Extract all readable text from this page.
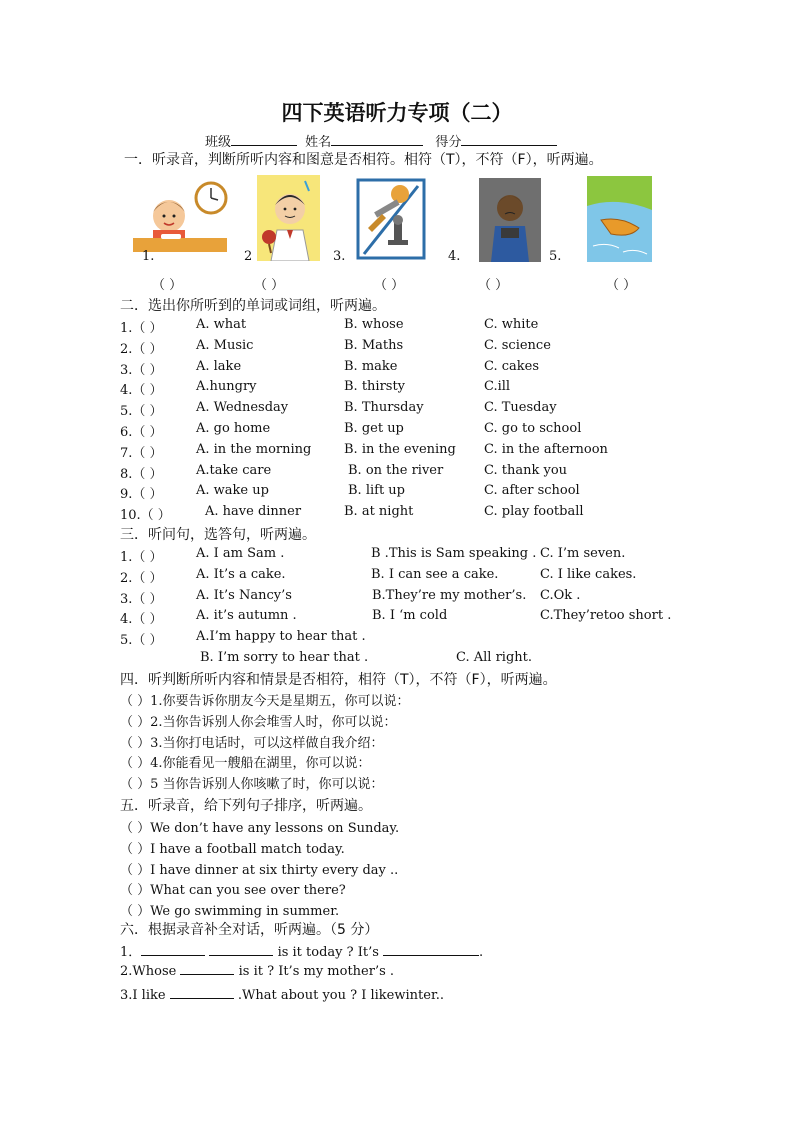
四下英语听力专项（二）
班级	姓名	得分
一．听录音，判断所听内容和图意是否相符。相符（T），不符（F），听两遍。
1.	2	3.	4.	5.
（ ）	（ ）	（ ）	（ ）	（ ）
二．选出你所听到的单词或词组，听两遍。
1.（ ）	A. what	B. whose	C. white
2.（ ）	A. Music	B. Maths	C. science
3.（ ）	A. lake	B. make	C. cakes
4.（ ）	A.hungry	B. thirsty	C.ill
5.（ ）	A. Wednesday	B. Thursday	C. Tuesday
6.（ ）	A. go home	B. get up	C. go to school
7.（ ）	A. in the morning	B. in the evening C. in the afternoon
8.（ ）	A.take care	B. on the river	C. thank you
9.（ ）	A. wake up	B. lift up	C. after school
10.（ ）	A. have dinner	B. at night	C. play football
三．听问句，选答句，听两遍。
1.（ ）	A. I am Sam .	B .This is Sam speaking . C. I’m seven.
2.（ ）	A. It’s a cake.	B. I can see a cake.	C. I like cakes.
3.（ ）	A. It’s Nancy’s	B.They’re my mother’s. C.Ok .
4.（ ）	A. it’s autumn .	B. I ‘m cold	C.They’retoo short .
5.（ ）	A.I’m happy to hear that .
B. I’m sorry to hear that .	C. All right.
四．听判断所听内容和情景是否相符，相符（T），不符（F），听两遍。
（ ）1.你要告诉你朋友今天是星期五，你可以说：
（ ）2.当你告诉别人你会堆雪人时，你可以说：
（ ）3.当你打电话时，可以这样做自我介绍：
（ ）4.你能看见一艘船在湖里，你可以说：
（ ）5 当你告诉别人你咳嗽了时，你可以说：
五．听录音，给下列句子排序，听两遍。
（ ）We don’t have any lessons on Sunday.
（ ）I have a football match today.
（ ）I have dinner at six thirty every day ..
（ ）What can you see over there?
（ ）We go swimming in summer.
六．根据录音补全对话，听两遍。（5 分）
1．	is it today ? It’s	.
2.Whose	is it ? It’s my mother’s .
3.I like	.What about you ? I likewinter..
